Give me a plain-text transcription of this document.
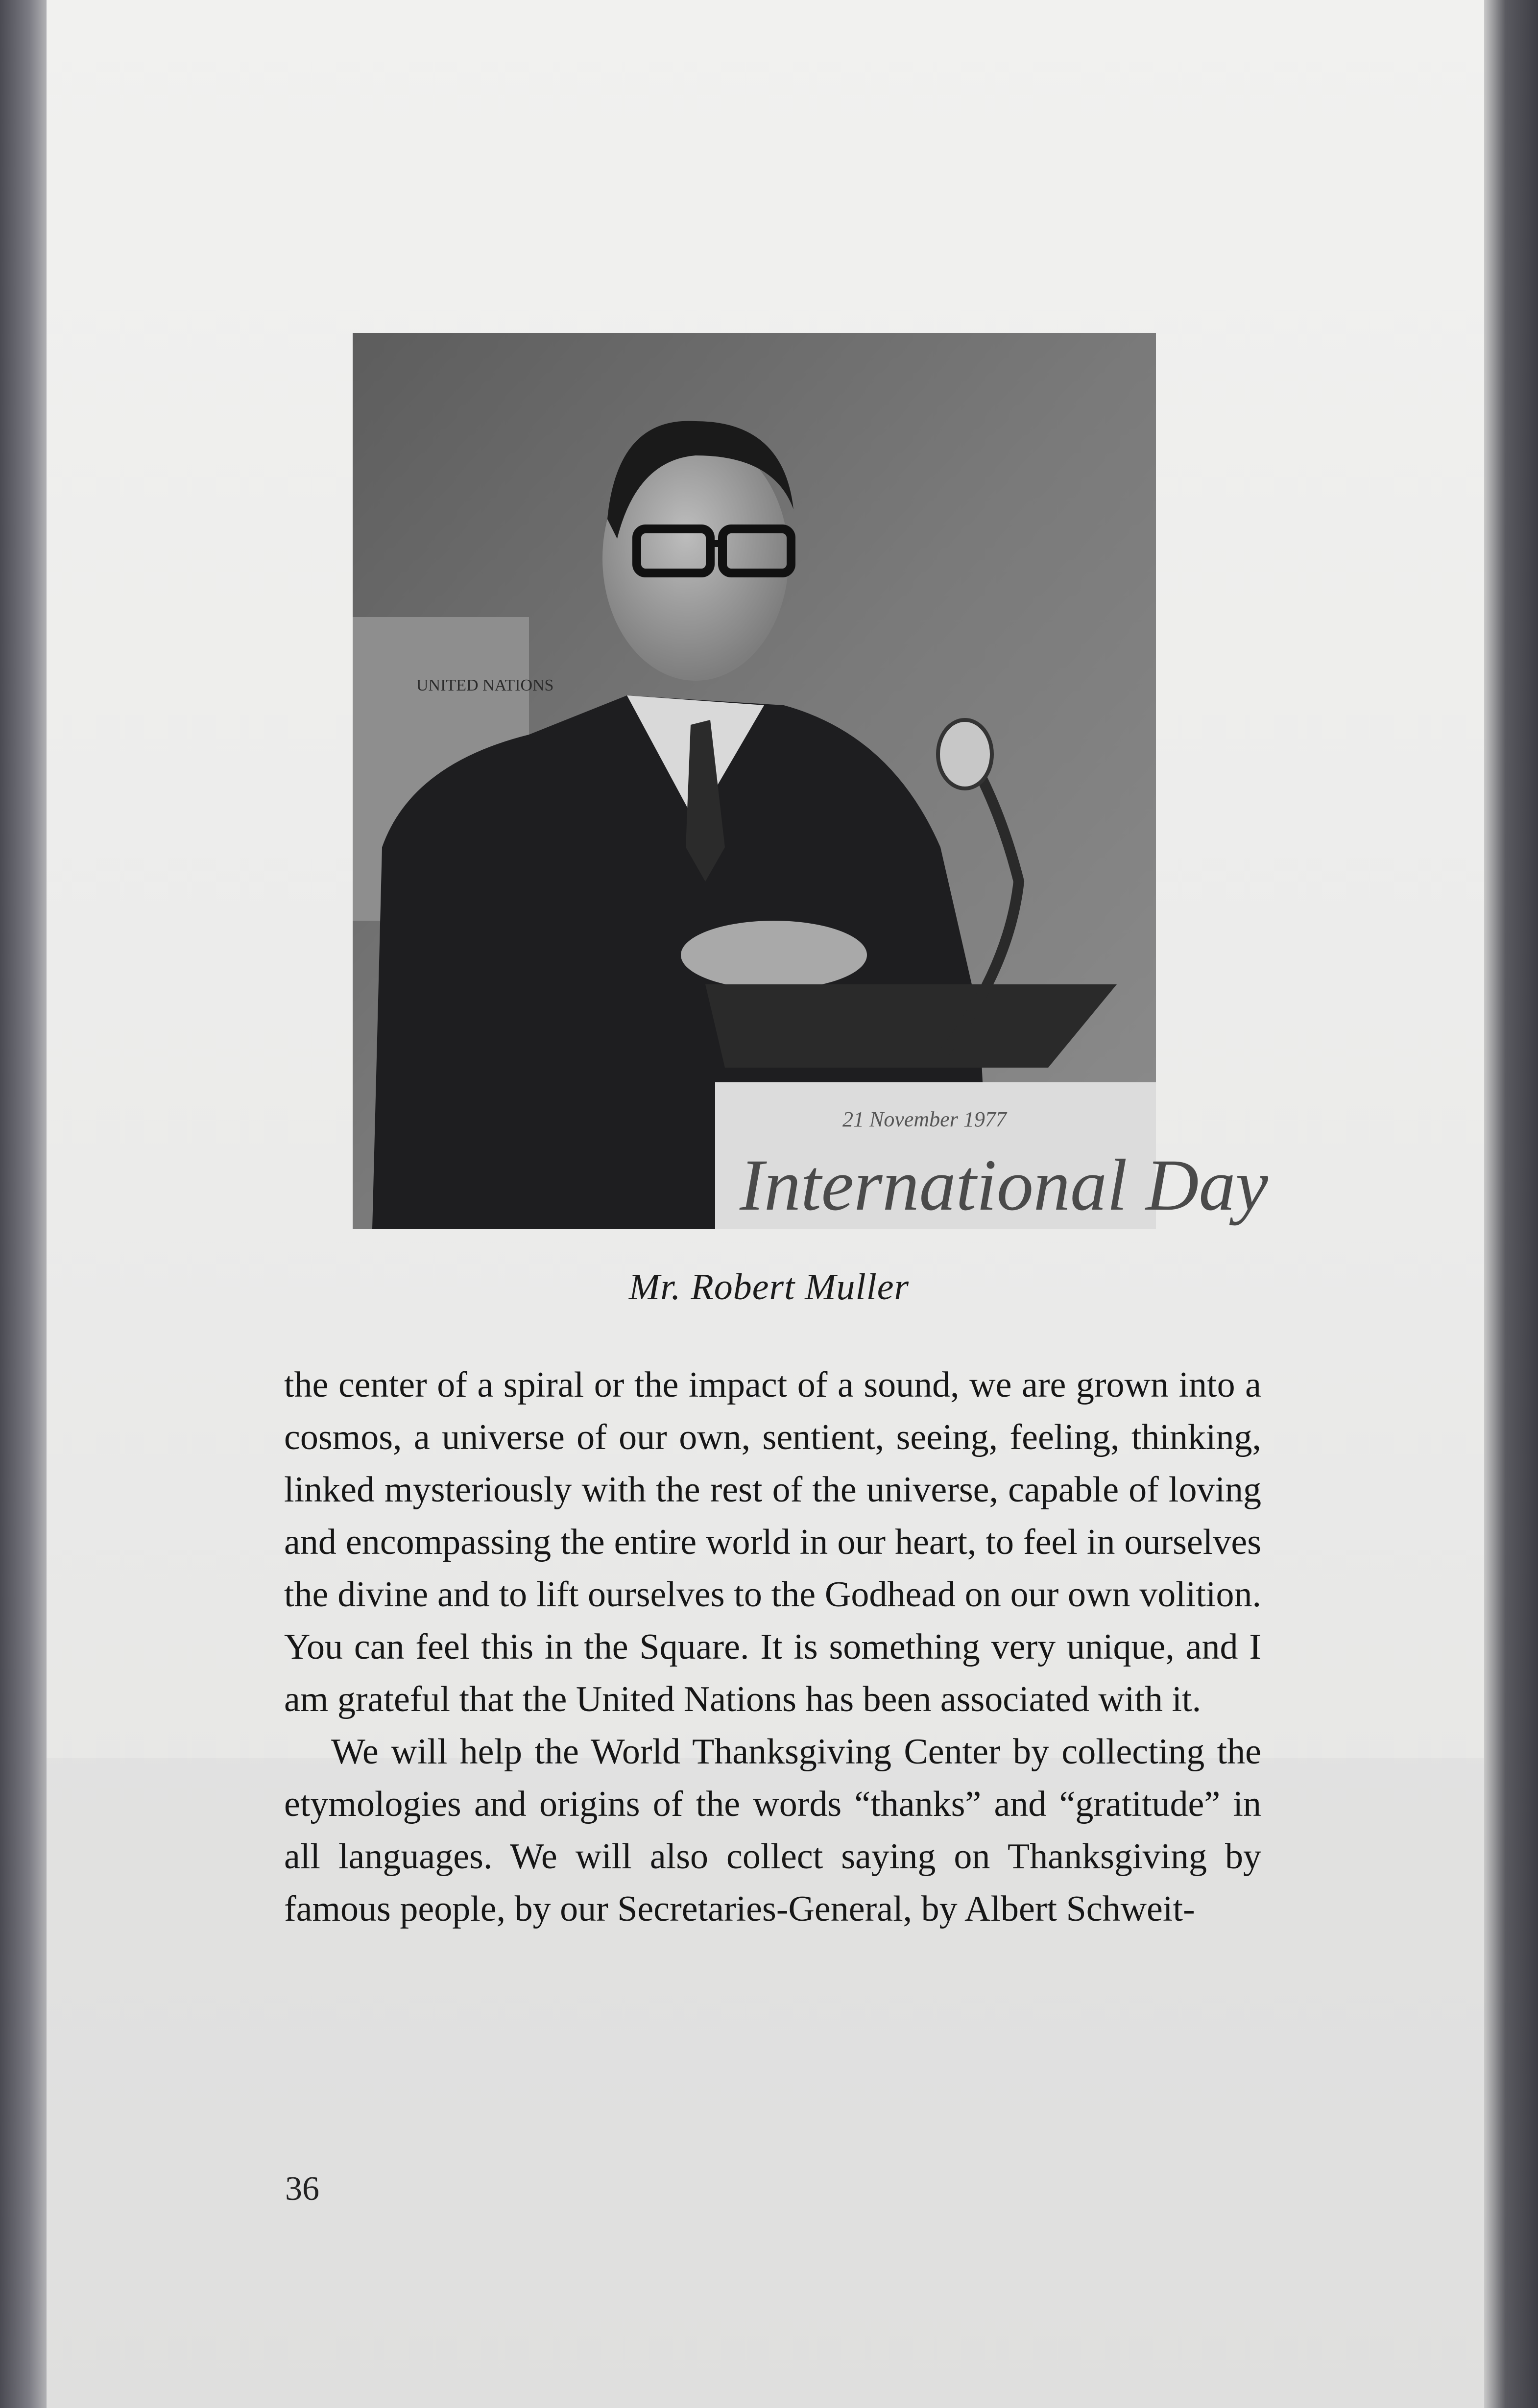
UNITED NATIONS
21 November 1977
International Day
Mr. Robert Muller

the center of a spiral or the impact of a sound, we are grown into a cosmos, a universe of our own, sentient, seeing, feeling, thinking, linked mysteriously with the rest of the universe, capable of loving and encompassing the entire world in our heart, to feel in ourselves the divine and to lift ourselves to the Godhead on our own volition. You can feel this in the Square. It is something very unique, and I am grateful that the United Nations has been associated with it.

We will help the World Thanksgiving Center by collecting the etymologies and origins of the words “thanks” and “gratitude” in all languages. We will also collect saying on Thanksgiving by famous people, by our Secretaries-General, by Albert Schweit-

36
